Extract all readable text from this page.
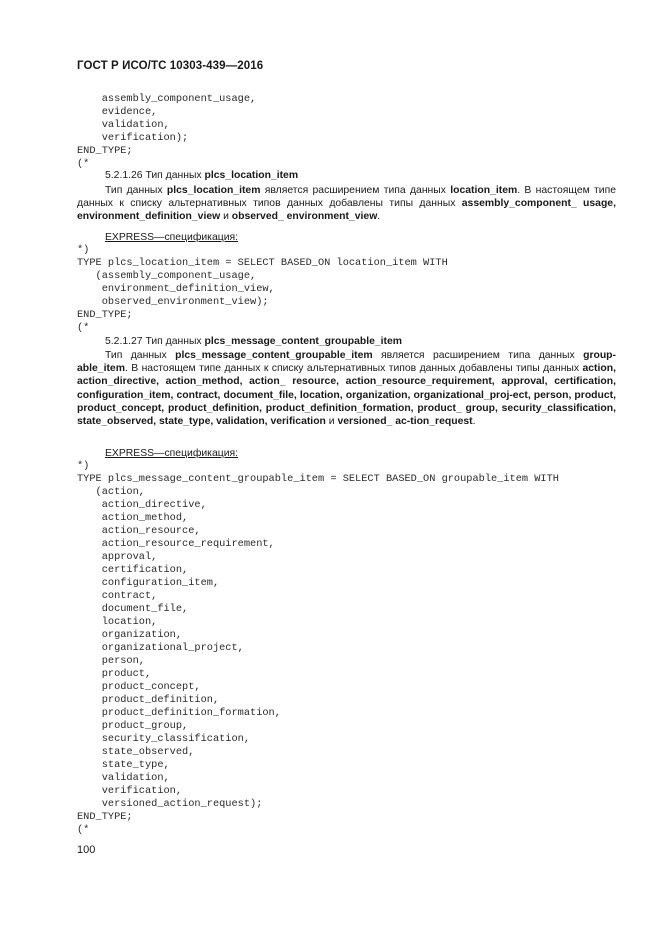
ГОСТ Р ИСО/ТС 10303-439—2016
assembly_component_usage,
evidence,
validation,
verification);
END_TYPE;
(*
5.2.1.26 Тип данных plcs_location_item

Тип данных plcs_location_item является расширением типа данных location_item. В настоящем типе данных к списку альтернативных типов данных добавлены типы данных assembly_component_ usage, environment_definition_view и observed_ environment_view.

EXPRESS—спецификация:
*)
TYPE plcs_location_item = SELECT BASED_ON location_item WITH
(assembly_component_usage,
environment_definition_view,
observed_environment_view);
END_TYPE;
(*
5.2.1.27 Тип данных plcs_message_content_groupable_item

Тип данных plcs_message_content_groupable_item является расширением типа данных group-able_item. В настоящем типе данных к списку альтернативных типов данных добавлены типы данных action, action_directive, action_method, action_ resource, action_resource_requirement, approval, certification, configuration_item, contract, document_file, location, organization, organizational_proj-ect, person, product, product_concept, product_definition, product_definition_formation, product_ group, security_classification, state_observed, state_type, validation, verification и versioned_ ac-tion_request.

EXPRESS—спецификация:
*)
TYPE plcs_message_content_groupable_item = SELECT BASED_ON groupable_item WITH
(action,
action_directive,
action_method,
action_resource,
action_resource_requirement,
approval,
certification,
configuration_item,
contract,
document_file,
location,
organization,
organizational_project,
person,
product,
product_concept,
product_definition,
product_definition_formation,
product_group,
security_classification,
state_observed,
state_type,
validation,
verification,
versioned_action_request);
END_TYPE;
(*
100
